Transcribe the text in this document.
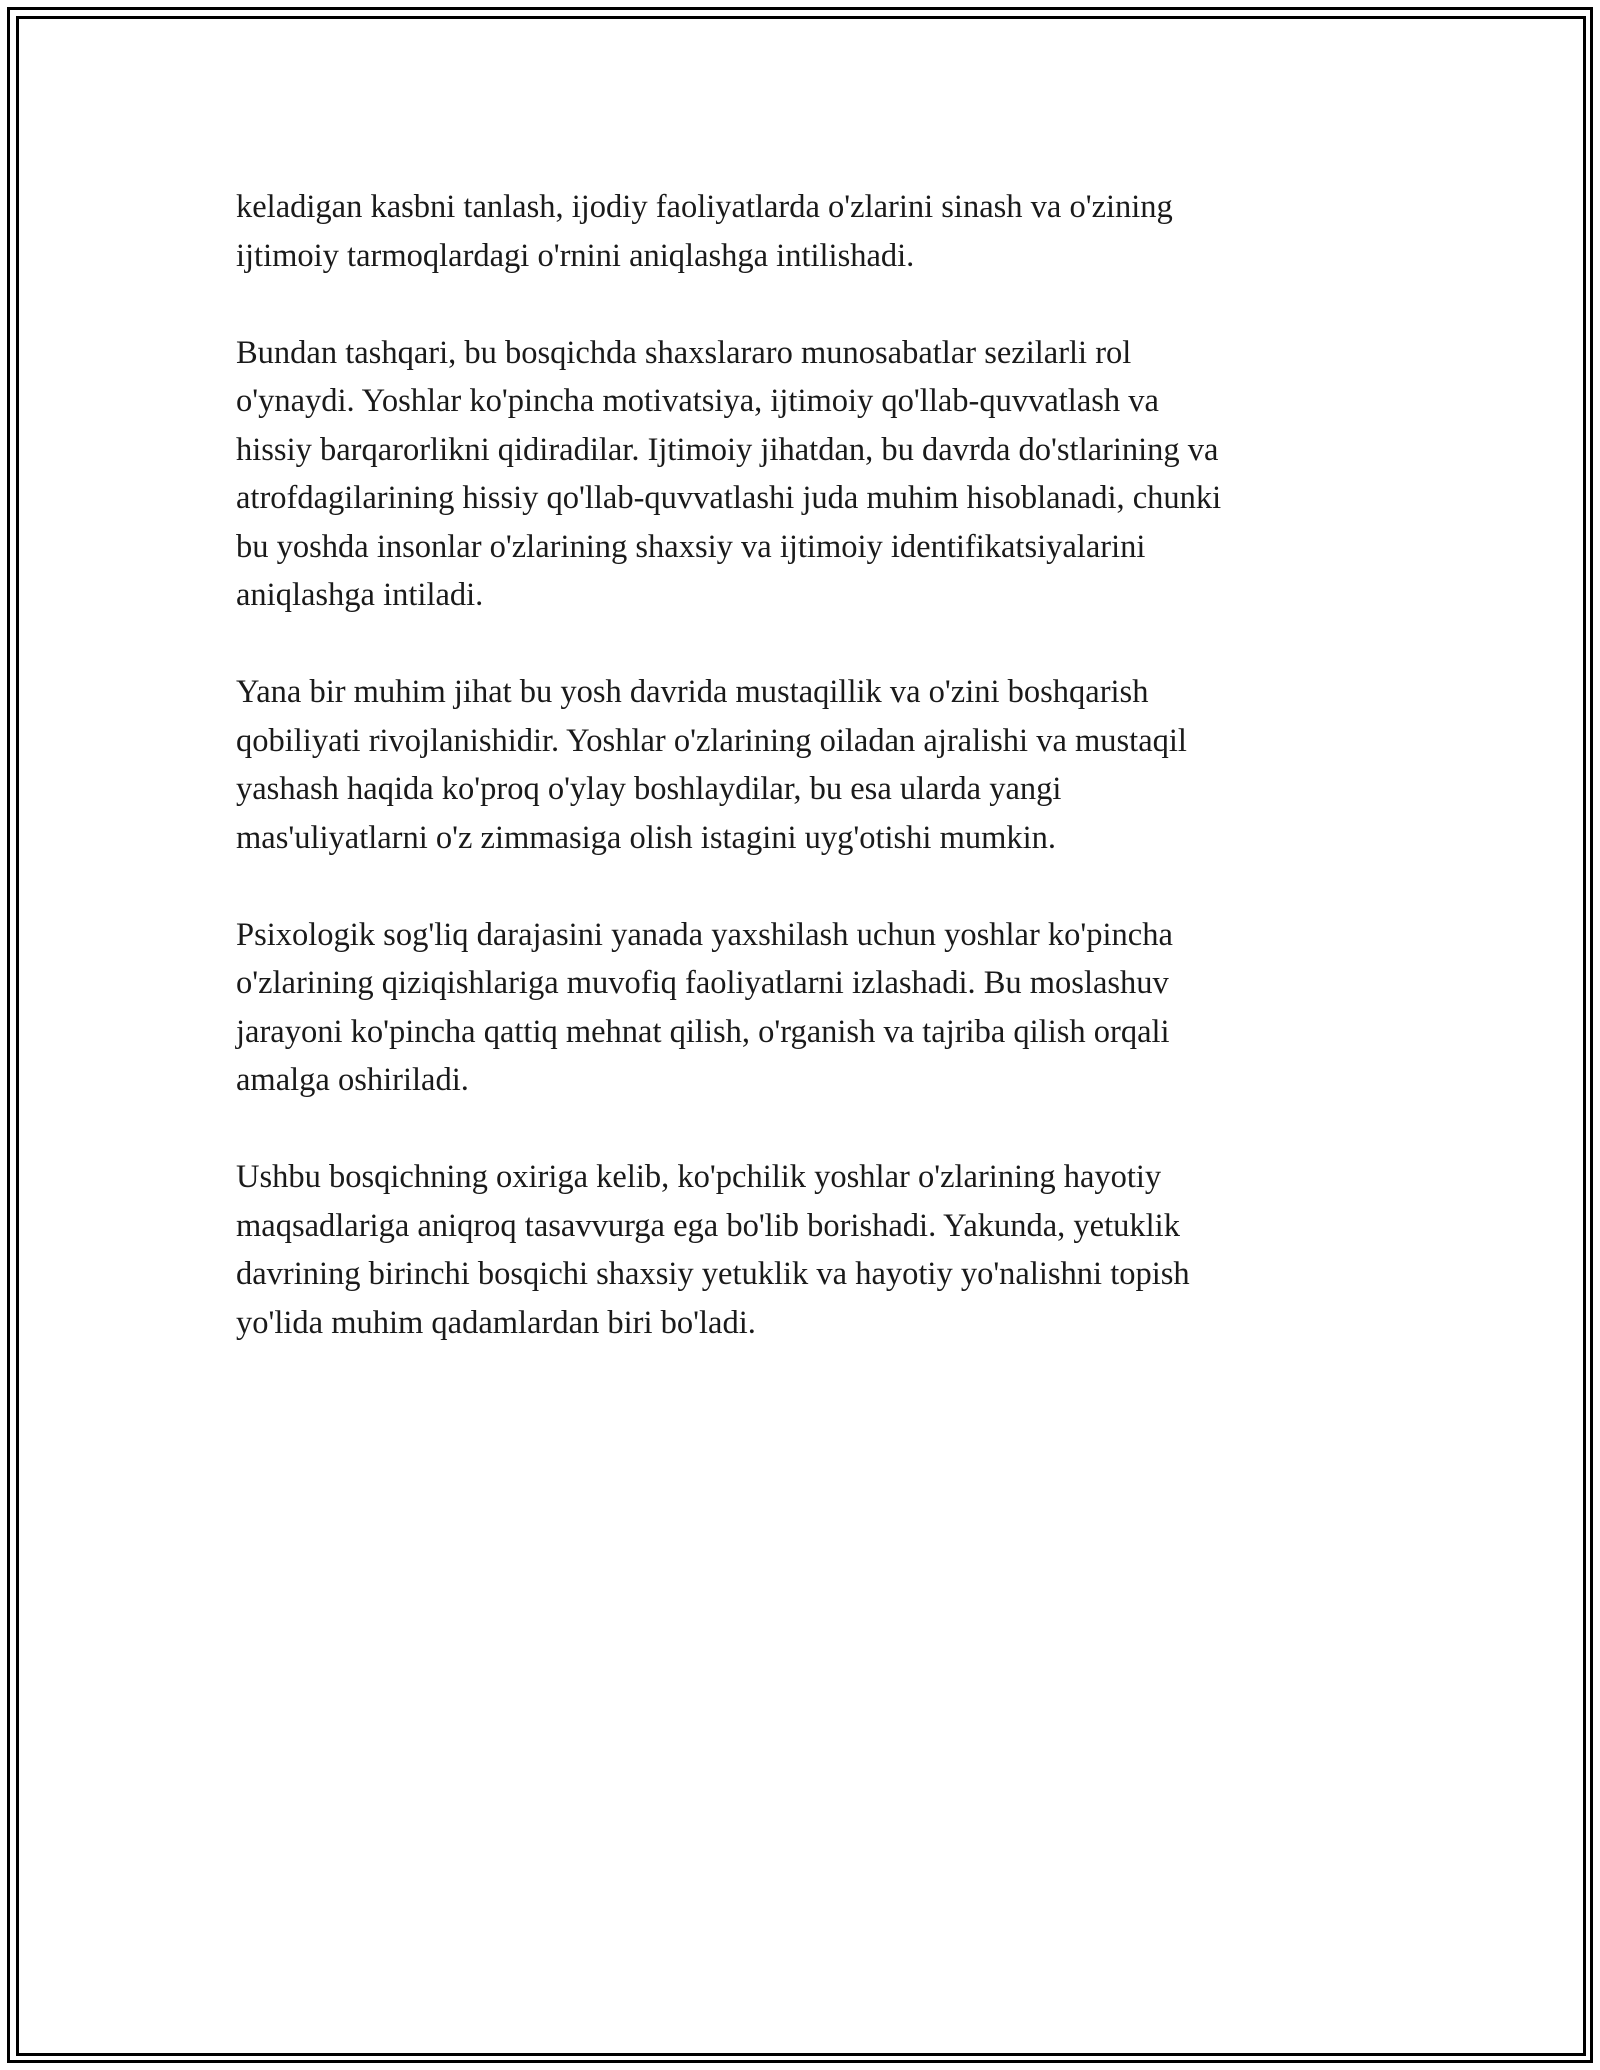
keladigan kasbni tanlash, ijodiy faoliyatlarda o'zlarini sinash va o'zining
ijtimoiy tarmoqlardagi o'rnini aniqlashga intilishadi.

Bundan tashqari, bu bosqichda shaxslararo munosabatlar sezilarli rol
o'ynaydi. Yoshlar ko'pincha motivatsiya, ijtimoiy qo'llab-quvvatlash va
hissiy barqarorlikni qidiradilar. Ijtimoiy jihatdan, bu davrda do'stlarining va
atrofdagilarining hissiy qo'llab-quvvatlashi juda muhim hisoblanadi, chunki
bu yoshda insonlar o'zlarining shaxsiy va ijtimoiy identifikatsiyalarini
aniqlashga intiladi.

Yana bir muhim jihat bu yosh davrida mustaqillik va o'zini boshqarish
qobiliyati rivojlanishidir. Yoshlar o'zlarining oiladan ajralishi va mustaqil
yashash haqida ko'proq o'ylay boshlaydilar, bu esa ularda yangi
mas'uliyatlarni o'z zimmasiga olish istagini uyg'otishi mumkin.

Psixologik sog'liq darajasini yanada yaxshilash uchun yoshlar ko'pincha
o'zlarining qiziqishlariga muvofiq faoliyatlarni izlashadi. Bu moslashuv
jarayoni ko'pincha qattiq mehnat qilish, o'rganish va tajriba qilish orqali
amalga oshiriladi.

Ushbu bosqichning oxiriga kelib, ko'pchilik yoshlar o'zlarining hayotiy
maqsadlariga aniqroq tasavvurga ega bo'lib borishadi. Yakunda, yetuklik
davrining birinchi bosqichi shaxsiy yetuklik va hayotiy yo'nalishni topish
yo'lida muhim qadamlardan biri bo'ladi.
